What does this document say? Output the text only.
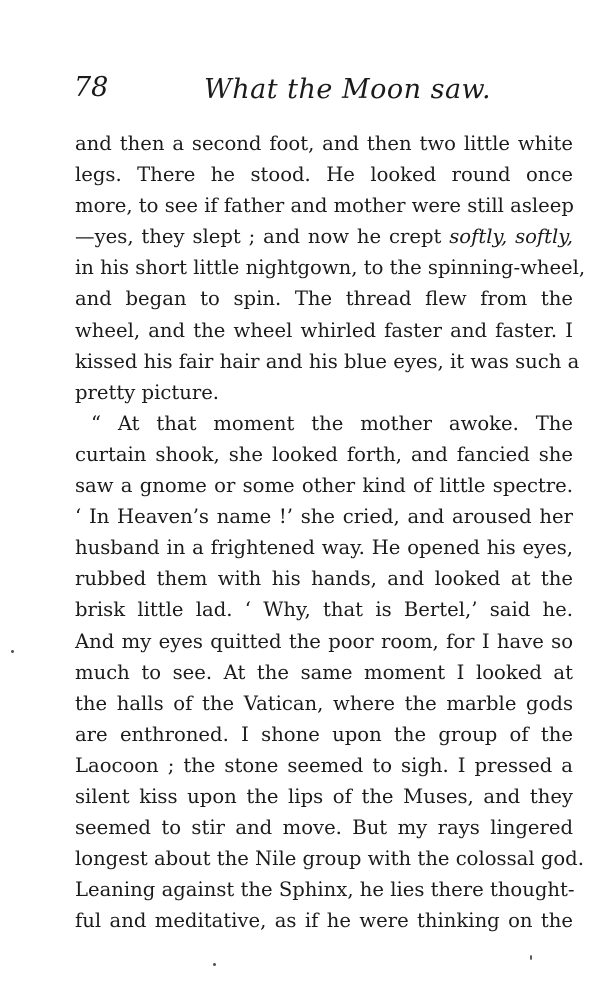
78	What the Moon saw.
and then a second foot, and then two little white
legs. There he stood. He looked round once
more, to see if father and mother were still asleep
—yes, they slept ; and now he crept softly, softly,
in his short little nightgown, to the spinning-wheel,
and began to spin. The thread flew from the
wheel, and the wheel whirled faster and faster. I
kissed his fair hair and his blue eyes, it was such a
pretty picture.
“ At that moment the mother awoke. The
curtain shook, she looked forth, and fancied she
saw a gnome or some other kind of little spectre.
‘ In Heaven’s name !’ she cried, and aroused her
husband in a frightened way. He opened his eyes,
rubbed them with his hands, and looked at the
brisk little lad. ‘ Why, that is Bertel,’ said he.
And my eyes quitted the poor room, for I have so
much to see. At the same moment I looked at
the halls of the Vatican, where the marble gods
are enthroned. I shone upon the group of the
Laocoon ; the stone seemed to sigh. I pressed a
silent kiss upon the lips of the Muses, and they
seemed to stir and move. But my rays lingered
longest about the Nile group with the colossal god.
Leaning against the Sphinx, he lies there thought-
ful and meditative, as if he were thinking on the
